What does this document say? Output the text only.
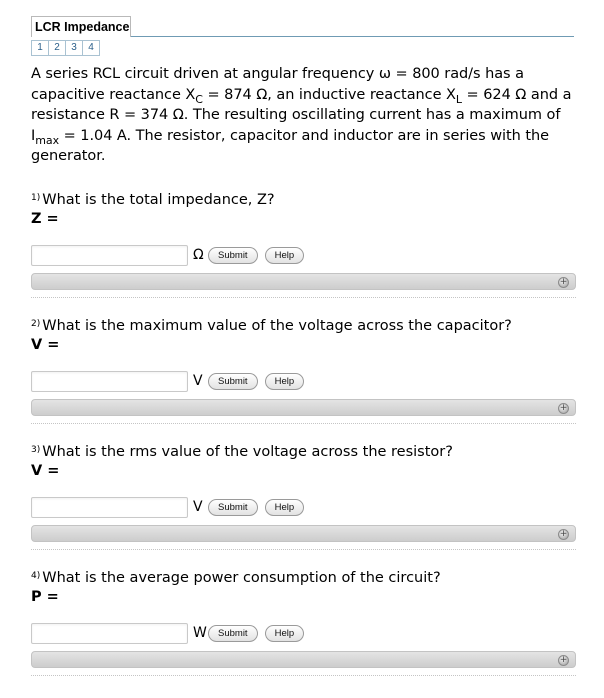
LCR Impedance
1	2	3	4

A series RCL circuit driven at angular frequency ω = 800 rad/s has a capacitive reactance $X_C = 874$ Ω, an inductive reactance $X_L = 624$ Ω and a resistance R = 374 Ω. The resulting oscillating current has a maximum of $I_{max} = 1.04$ A. The resistor, capacitor and inductor are in series with the generator.

$^{1)}$ What is the total impedance, Z?

Z =

Ω	Submit	Help
+

$^{2)}$ What is the maximum value of the voltage across the capacitor?

V =

V	Submit	Help
+

$^{3)}$ What is the rms value of the voltage across the resistor?

V =

V	Submit	Help
+

$^{4)}$ What is the average power consumption of the circuit?

P =

W	Submit	Help
+
